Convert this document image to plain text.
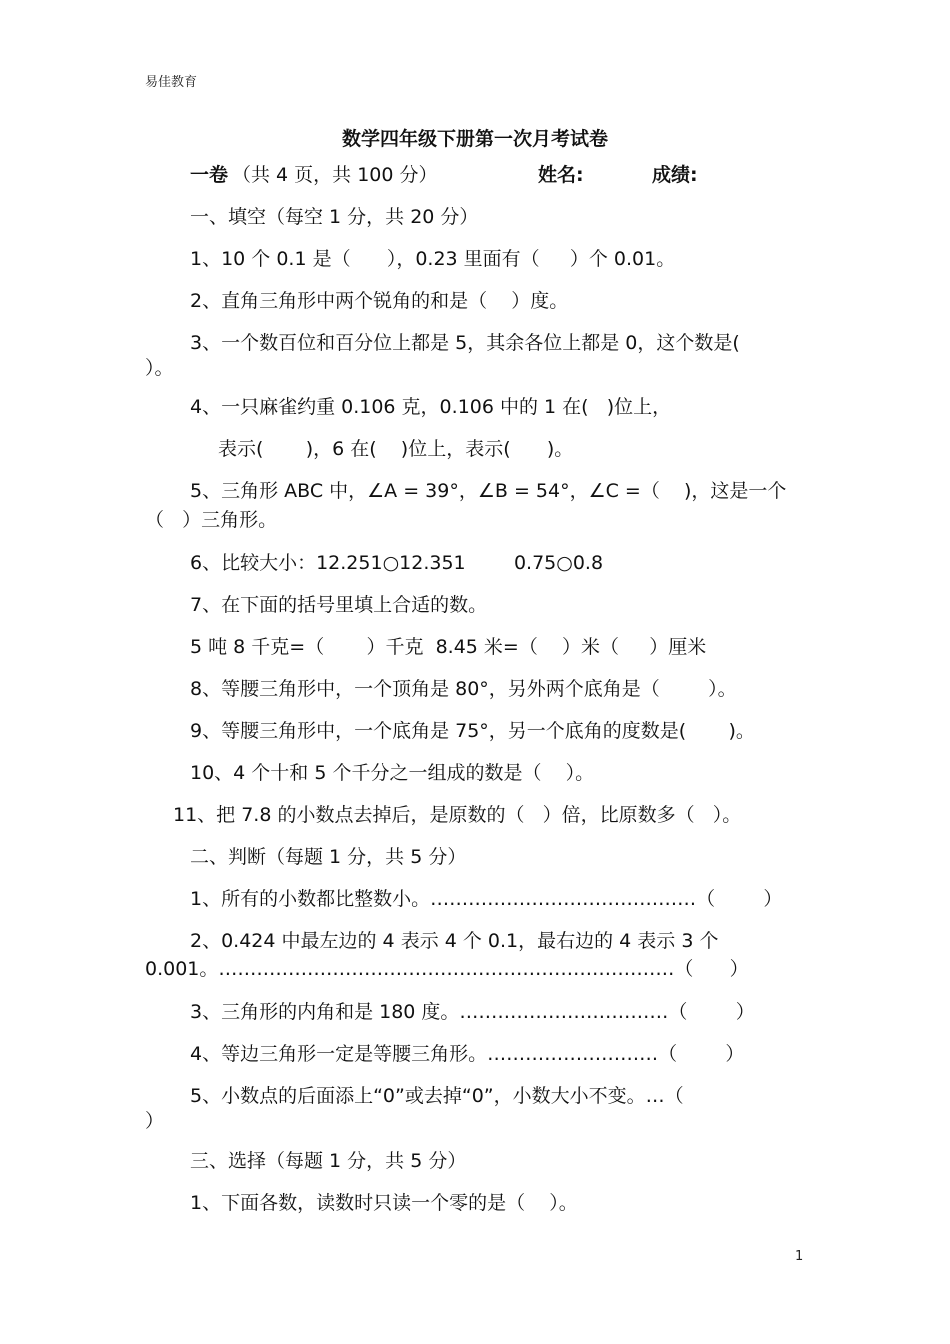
易佳教育
数学四年级下册第一次月考试卷
一卷 （共 4 页，共 100 分）	姓名:	成绩:
一、填空（每空 1 分，共 20 分）
1、10 个 0.1 是（      ），0.23 里面有（     ）个 0.01。
2、直角三角形中两个锐角的和是（    ）度。
3、一个数百位和百分位上都是 5，其余各位上都是 0，这个数是(
）。
4、一只麻雀约重 0.106 克，0.106 中的 1 在(   )位上，
表示(       )，6 在(    )位上，表示(      )。
5、三角形 ABC 中，∠A = 39°，∠B = 54°，∠C =（    )，这是一个
（   ）三角形。
6、比较大小：12.251○12.351        0.75○0.8
7、在下面的括号里填上合适的数。
5 吨 8 千克=（       ）千克  8.45 米=（    ）米（     ）厘米
8、等腰三角形中，一个顶角是 80°，另外两个底角是（        ）。
9、等腰三角形中，一个底角是 75°，另一个底角的度数是(       )。
10、4 个十和 5 个千分之一组成的数是（    ）。
11、把 7.8 的小数点去掉后，是原数的（   ）倍，比原数多（   ）。
二、判断（每题 1 分，共 5 分）
1、所有的小数都比整数小。……………………………………（        ）
2、0.424 中最左边的 4 表示 4 个 0.1，最右边的 4 表示 3 个
0.001。………………………………………………………………（      ）
3、三角形的内角和是 180 度。……………………………（        ）
4、等边三角形一定是等腰三角形。………………………（        ）
5、小数点的后面添上“0”或去掉“0”，小数大小不变。…（
）
三、选择（每题 1 分，共 5 分）
1、下面各数，读数时只读一个零的是（    ）。
1
